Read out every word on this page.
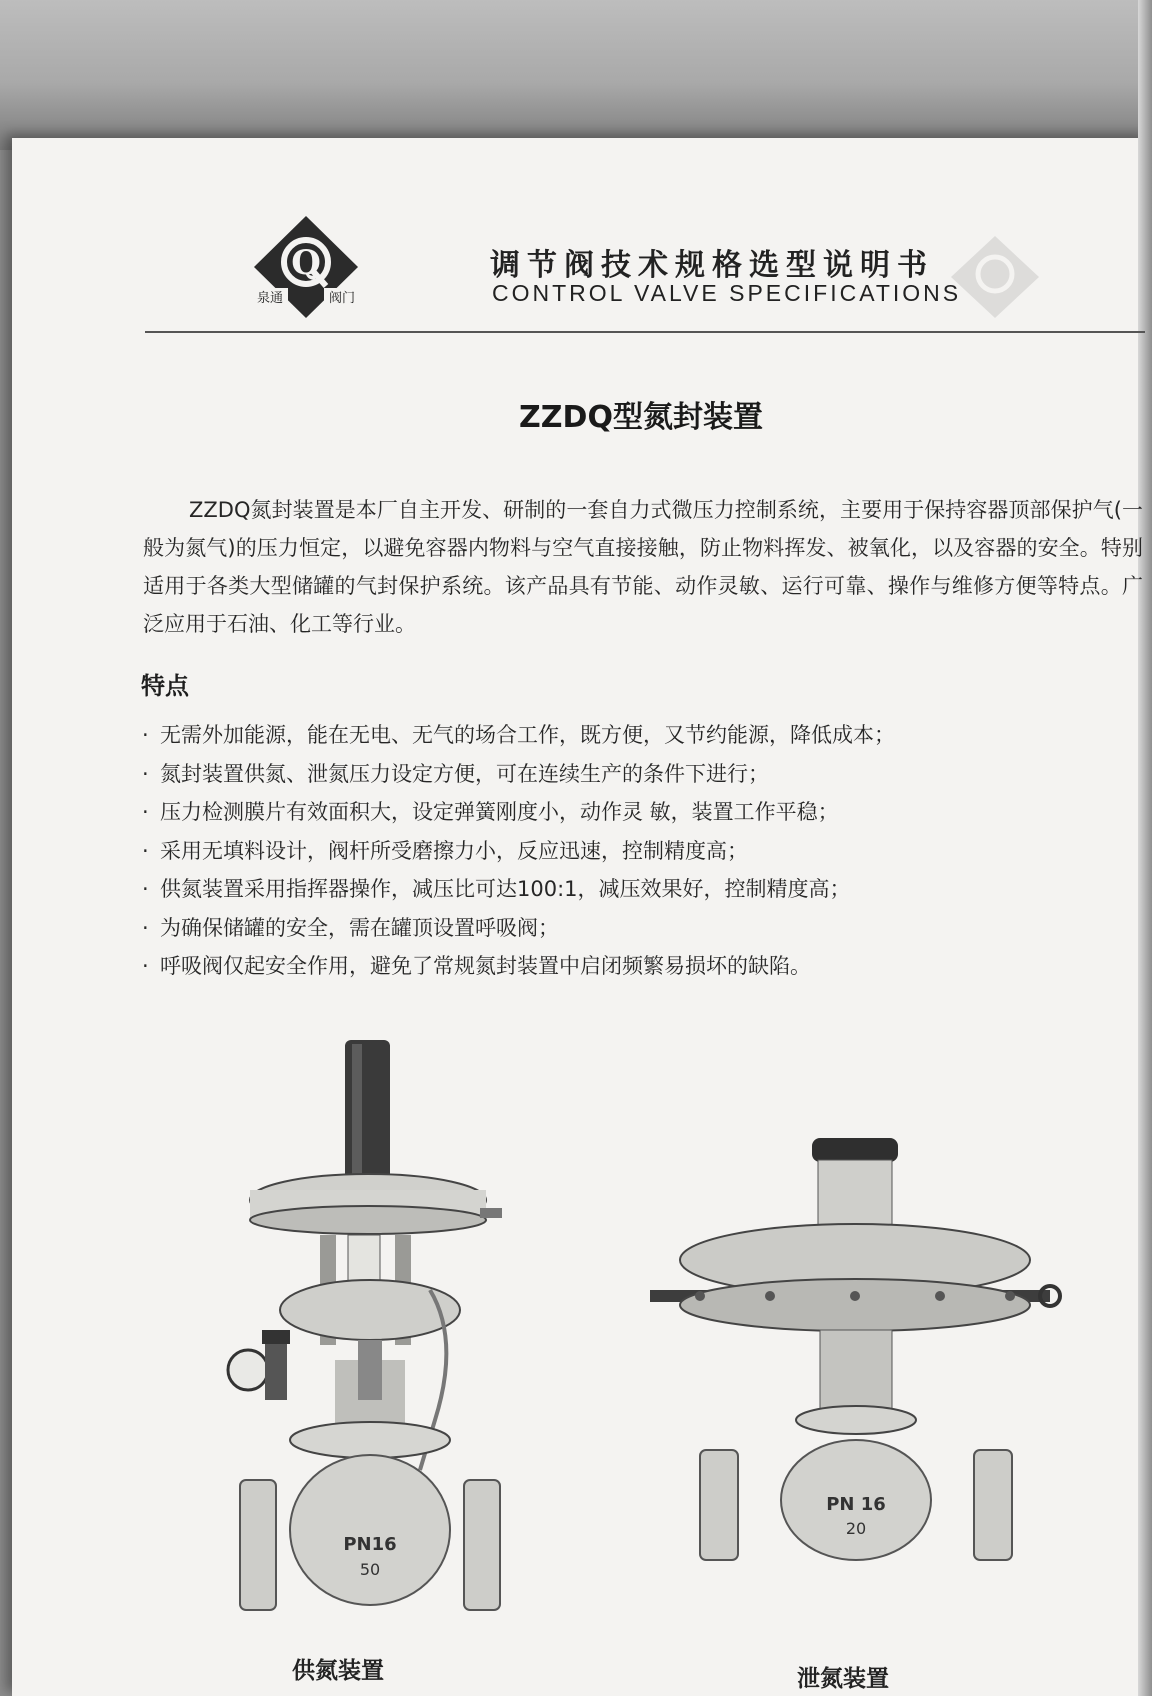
泉通	阀门
Q	调节阀技术规格选型说明书
CONTROL VALVE SPECIFICATIONS
ZZDQ型氮封装置

ZZDQ氮封装置是本厂自主开发、研制的一套自力式微压力控制系统，主要用于保持容器顶部保护气(一般为氮气)的压力恒定，以避免容器内物料与空气直接接触，防止物料挥发、被氧化，以及容器的安全。特别适用于各类大型储罐的气封保护系统。该产品具有节能、动作灵敏、运行可靠、操作与维修方便等特点。广泛应用于石油、化工等行业。

特点
· 无需外加能源，能在无电、无气的场合工作，既方便，又节约能源，降低成本；
· 氮封装置供氮、泄氮压力设定方便，可在连续生产的条件下进行；
· 压力检测膜片有效面积大，设定弹簧刚度小，动作灵 敏，装置工作平稳；
· 采用无填料设计，阀杆所受磨擦力小，反应迅速，控制精度高；
· 供氮装置采用指挥器操作，减压比可达100:1，减压效果好，控制精度高；
· 为确保储罐的安全，需在罐顶设置呼吸阀；
· 呼吸阀仅起安全作用，避免了常规氮封装置中启闭频繁易损坏的缺陷。
PN16
50
供氮装置
PN 16
20
泄氮装置
